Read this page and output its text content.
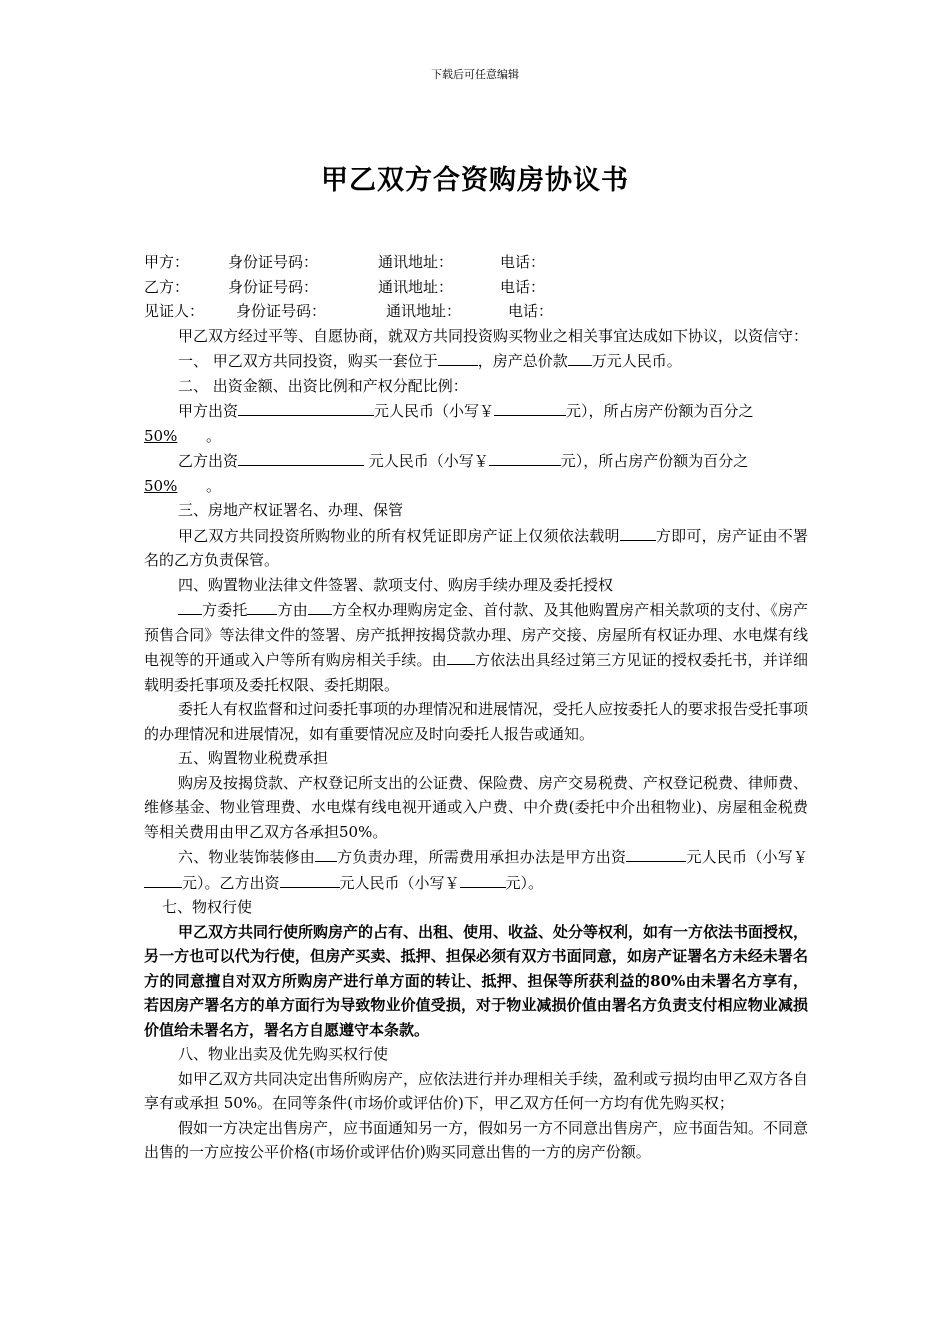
下载后可任意编辑
甲乙双方合资购房协议书

甲方：	身份证号码：	通讯地址：	电话：

乙方：	身份证号码：	通讯地址：	电话：

见证人：	身份证号码：	通讯地址：	电话：

甲乙双方经过平等、自愿协商，就双方共同投资购买物业之相关事宜达成如下协议，以资信守：

一、 甲乙双方共同投资，购买一套位于	，房产总价款 万元人民币。

二、 出资金额、出资比例和产权分配比例：

甲方出资	元人民币（小写￥	元），所占房产份额为百分之

50% 。

乙方出资	元人民币（小写￥	元），所占房产份额为百分之

50% 。

三、房地产权证署名、办理、保管

甲乙双方共同投资所购物业的所有权凭证即房产证上仅须依法载明 方即可，房产证由不署名的乙方负责保管。

四、购置物业法律文件签署、款项支付、购房手续办理及委托授权

方委托 方由 方全权办理购房定金、首付款、及其他购置房产相关款项的支付、《房产预售合同》等法律文件的签署、房产抵押按揭贷款办理、房产交接、房屋所有权证办理、水电煤有线电视等的开通或入户等所有购房相关手续。由 方依法出具经过第三方见证的授权委托书，并详细载明委托事项及委托权限、委托期限。

委托人有权监督和过问委托事项的办理情况和进展情况，受托人应按委托人的要求报告受托事项的办理情况和进展情况，如有重要情况应及时向委托人报告或通知。

五、购置物业税费承担

购房及按揭贷款、产权登记所支出的公证费、保险费、房产交易税费、产权登记税费、律师费、维修基金、物业管理费、水电煤有线电视开通或入户费、中介费(委托中介出租物业)、房屋租金税费等相关费用由甲乙双方各承担50%。

六、物业装饰装修由 方负责办理，所需费用承担办法是甲方出资	元人民币（小写￥元）。乙方出资	元人民币（小写￥	元）。

七、物权行使

甲乙双方共同行使所购房产的占有、出租、使用、收益、处分等权利，如有一方依法书面授权，另一方也可以代为行使，但房产买卖、抵押、担保必须有双方书面同意，如房产证署名方未经未署名方的同意擅自对双方所购房产进行单方面的转让、抵押、担保等所获利益的80%由未署名方享有，若因房产署名方的单方面行为导致物业价值受损，对于物业减损价值由署名方负责支付相应物业减损价值给未署名方，署名方自愿遵守本条款。

八、物业出卖及优先购买权行使

如甲乙双方共同决定出售所购房产，应依法进行并办理相关手续，盈利或亏损均由甲乙双方各自享有或承担 50%。在同等条件(市场价或评估价)下，甲乙双方任何一方均有优先购买权；

假如一方决定出售房产，应书面通知另一方，假如另一方不同意出售房产，应书面告知。不同意出售的一方应按公平价格(市场价或评估价)购买同意出售的一方的房产份额。
